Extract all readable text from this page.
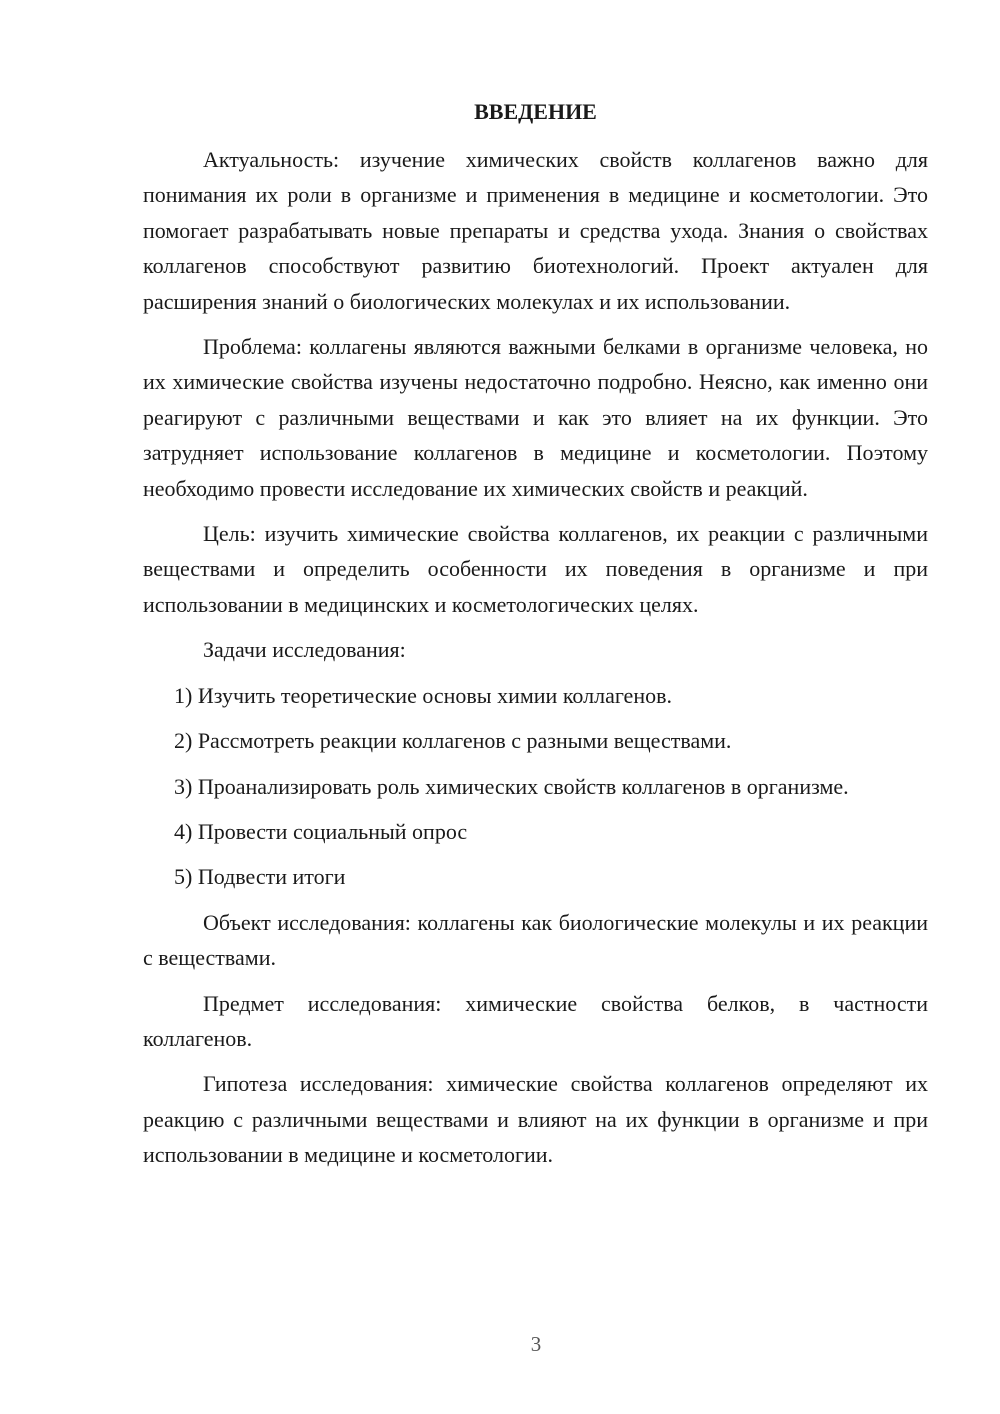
ВВЕДЕНИЕ

Актуальность: изучение химических свойств коллагенов важно для понимания их роли в организме и применения в медицине и косметологии. Это помогает разрабатывать новые препараты и средства ухода. Знания о свойствах коллагенов способствуют развитию биотехнологий. Проект актуален для расширения знаний о биологических молекулах и их использовании.

Проблема: коллагены являются важными белками в организме человека, но их химические свойства изучены недостаточно подробно. Неясно, как именно они реагируют с различными веществами и как это влияет на их функции. Это затрудняет использование коллагенов в медицине и косметологии. Поэтому необходимо провести исследование их химических свойств и реакций.

Цель: изучить химические свойства коллагенов, их реакции с различными веществами и определить особенности их поведения в организме и при использовании в медицинских и косметологических целях.

Задачи исследования:

1) Изучить теоретические основы химии коллагенов.

2) Рассмотреть реакции коллагенов с разными веществами.

3) Проанализировать роль химических свойств коллагенов в организме.

4) Провести социальный опрос

5) Подвести итоги

Объект исследования: коллагены как биологические молекулы и их реакции с веществами.

Предмет исследования: химические свойства белков, в частности коллагенов.

Гипотеза исследования: химические свойства коллагенов определяют их реакцию с различными веществами и влияют на их функции в организме и при использовании в медицине и косметологии.

3
